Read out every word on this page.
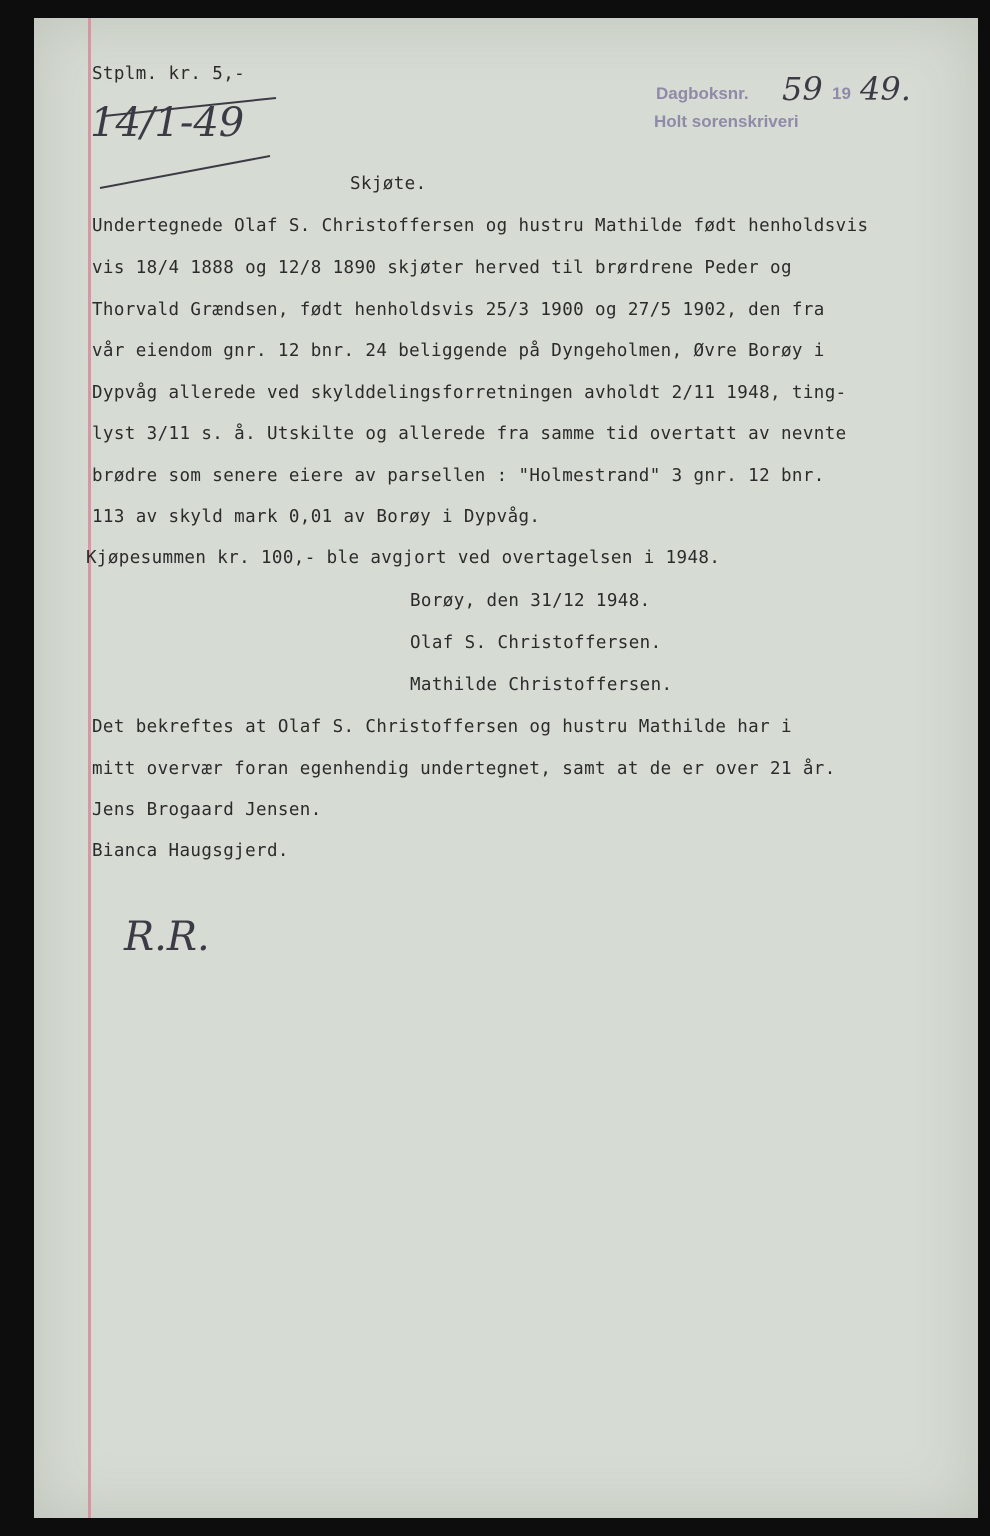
Stplm. kr. 5,-

14/1-49
Dagboksnr. 59 19 49.
Holt sorenskriveri

Skjøte.

Undertegnede Olaf S. Christoffersen og hustru Mathilde født henholdsvis

vis 18/4 1888 og 12/8 1890 skjøter herved til brørdrene Peder og

Thorvald Grændsen, født henholdsvis 25/3 1900 og 27/5 1902, den fra

vår eiendom gnr. 12 bnr. 24 beliggende på Dyngeholmen, Øvre Borøy i

Dypvåg allerede ved skylddelingsforretningen avholdt 2/11 1948, ting-

lyst 3/11 s. å. Utskilte og allerede fra samme tid overtatt av nevnte

brødre som senere eiere av parsellen : "Holmestrand" 3 gnr. 12 bnr.

113 av skyld mark 0,01 av Borøy i Dypvåg.

Kjøpesummen kr. 100,- ble avgjort ved overtagelsen i 1948.

Borøy, den 31/12 1948.

Olaf S. Christoffersen.

Mathilde Christoffersen.

Det bekreftes at Olaf S. Christoffersen og hustru Mathilde har i

mitt overvær foran egenhendig undertegnet, samt at de er over 21 år.

Jens Brogaard Jensen.

Bianca Haugsgjerd.

R.R.
